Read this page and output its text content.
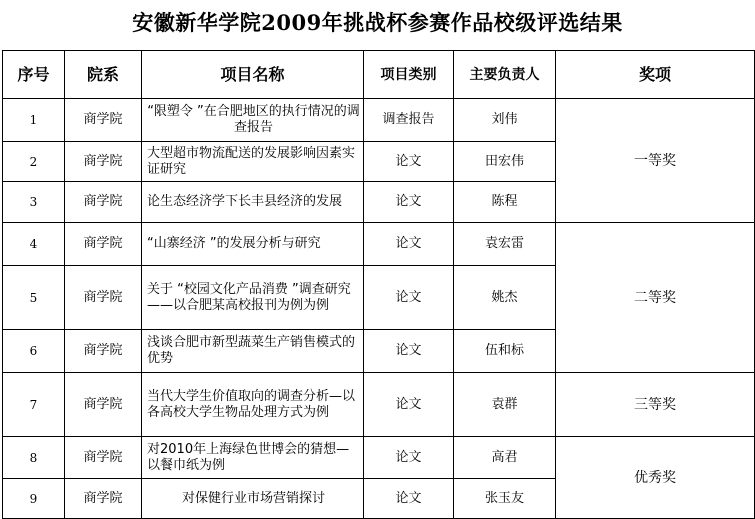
安徽新华学院2009年挑战杯参赛作品校级评选结果
序号	院系	项目名称	项目类别	主要负责人	奖项
1	商学院	“限塑令 ”在合肥地区的执行情况的调查报告	调查报告	刘伟	一等奖
2	商学院	大型超市物流配送的发展影响因素实证研究	论文	田宏伟	
3	商学院	论生态经济学下长丰县经济的发展	论文	陈程	
4	商学院	“山寨经济 ”的发展分析与研究	论文	袁宏雷	二等奖
5	商学院	关于 “校园文化产品消费 ”调查研究——以合肥某高校报刊为例为例	论文	姚杰	
6	商学院	浅谈合肥市新型蔬菜生产销售模式的优势	论文	伍和标	
7	商学院	当代大学生价值取向的调查分析—以各高校大学生物品处理方式为例	论文	袁群	三等奖
8	商学院	对2010年上海绿色世博会的猜想—以餐巾纸为例	论文	高君	优秀奖
9	商学院	对保健行业市场营销探讨	论文	张玉友	
